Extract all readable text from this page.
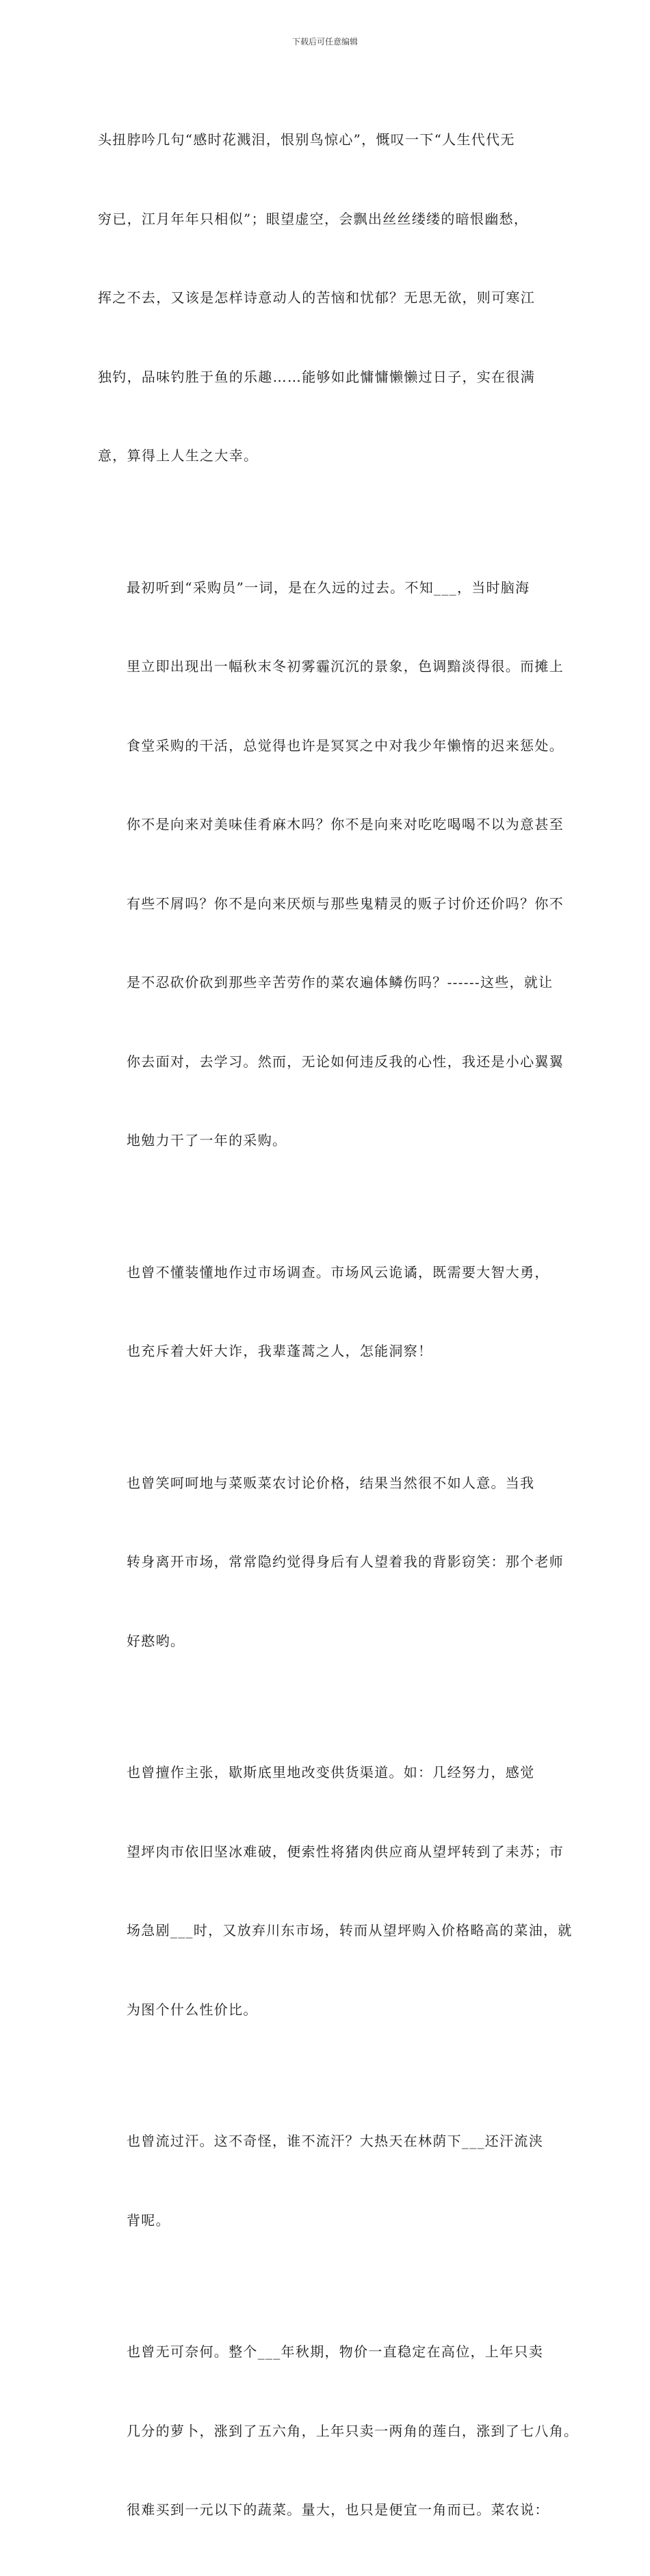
下载后可任意编辑

头扭脖吟几句“感时花溅泪，恨别鸟惊心”，慨叹一下“人生代代无

穷已，江月年年只相似”；眼望虚空，会飘出丝丝缕缕的暗恨幽愁，

挥之不去，又该是怎样诗意动人的苦恼和忧郁？无思无欲，则可寒江

独钓，品味钓胜于鱼的乐趣……能够如此慵慵懒懒过日子，实在很满

意，算得上人生之大幸。

最初听到“采购员”一词，是在久远的过去。不知___，当时脑海

里立即出现出一幅秋末冬初雾霾沉沉的景象，色调黯淡得很。而摊上

食堂采购的干活，总觉得也许是冥冥之中对我少年懒惰的迟来惩处。

你不是向来对美味佳肴麻木吗？你不是向来对吃吃喝喝不以为意甚至

有些不屑吗？你不是向来厌烦与那些鬼精灵的贩子讨价还价吗？你不

是不忍砍价砍到那些辛苦劳作的菜农遍体鳞伤吗？------这些，就让

你去面对，去学习。然而，无论如何违反我的心性，我还是小心翼翼

地勉力干了一年的采购。

也曾不懂装懂地作过市场调查。市场风云诡谲，既需要大智大勇，

也充斥着大奸大诈，我辈蓬蒿之人，怎能洞察！

也曾笑呵呵地与菜贩菜农讨论价格，结果当然很不如人意。当我

转身离开市场，常常隐约觉得身后有人望着我的背影窃笑：那个老师

好憨哟。

也曾擅作主张，歇斯底里地改变供货渠道。如：几经努力，感觉

望坪肉市依旧坚冰难破，便索性将猪肉供应商从望坪转到了耒苏；市

场急剧___时，又放弃川东市场，转而从望坪购入价格略高的菜油，就

为图个什么性价比。

也曾流过汗。这不奇怪，谁不流汗？大热天在林荫下___还汗流浃

背呢。

也曾无可奈何。整个___年秋期，物价一直稳定在高位，上年只卖

几分的萝卜，涨到了五六角，上年只卖一两角的莲白，涨到了七八角。

很难买到一元以下的蔬菜。量大，也只是便宜一角而已。菜农说：
